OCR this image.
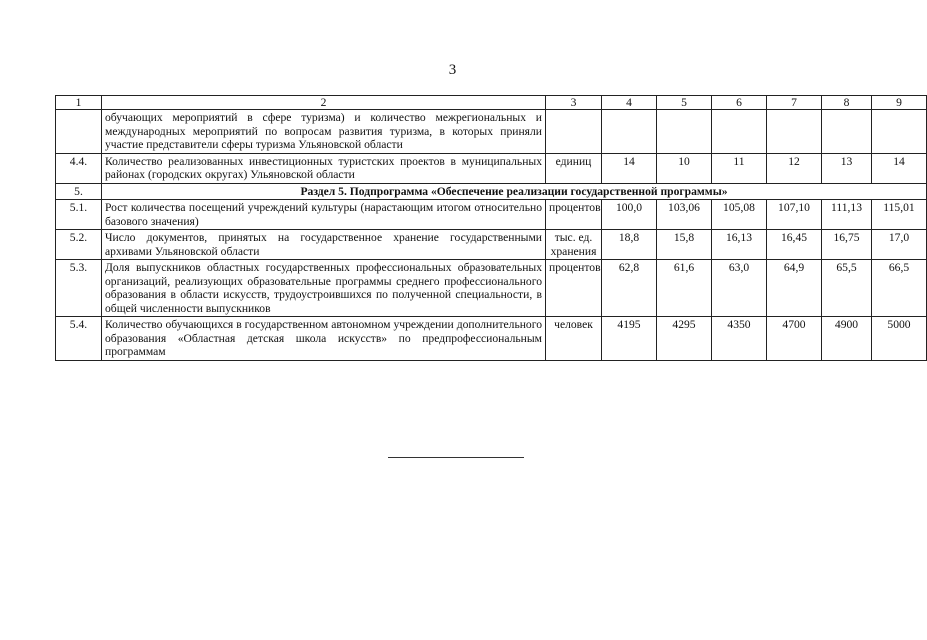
3
1	2	3	4	5	6	7	8	9
	обучающих мероприятий в сфере туризма) и количество межрегиональных и международных мероприятий по вопросам развития туризма, в которых приняли участие представители сферы туризма Ульяновской области							
4.4.	Количество реализованных инвестиционных туристских проектов в муниципальных районах (городских округах) Ульяновской области	единиц	14	10	11	12	13	14
5.	Раздел 5. Подпрограмма «Обеспечение реализации государственной программы»							
5.1.	Рост количества посещений учреждений культуры (нарастающим итогом относительно базового значения)	процентов	100,0	103,06	105,08	107,10	111,13	115,01
5.2.	Число документов, принятых на государственное хранение государственными архивами Ульяновской области	тыс. ед. хранения	18,8	15,8	16,13	16,45	16,75	17,0
5.3.	Доля выпускников областных государственных профессиональных образовательных организаций, реализующих образовательные программы среднего профессионального образования в области искусств, трудоустроившихся по полученной специальности, в общей численности выпускников	процентов	62,8	61,6	63,0	64,9	65,5	66,5
5.4.	Количество обучающихся в государственном автономном учреждении дополнительного образования «Областная детская школа искусств» по предпрофессиональным программам	человек	4195	4295	4350	4700	4900	5000
